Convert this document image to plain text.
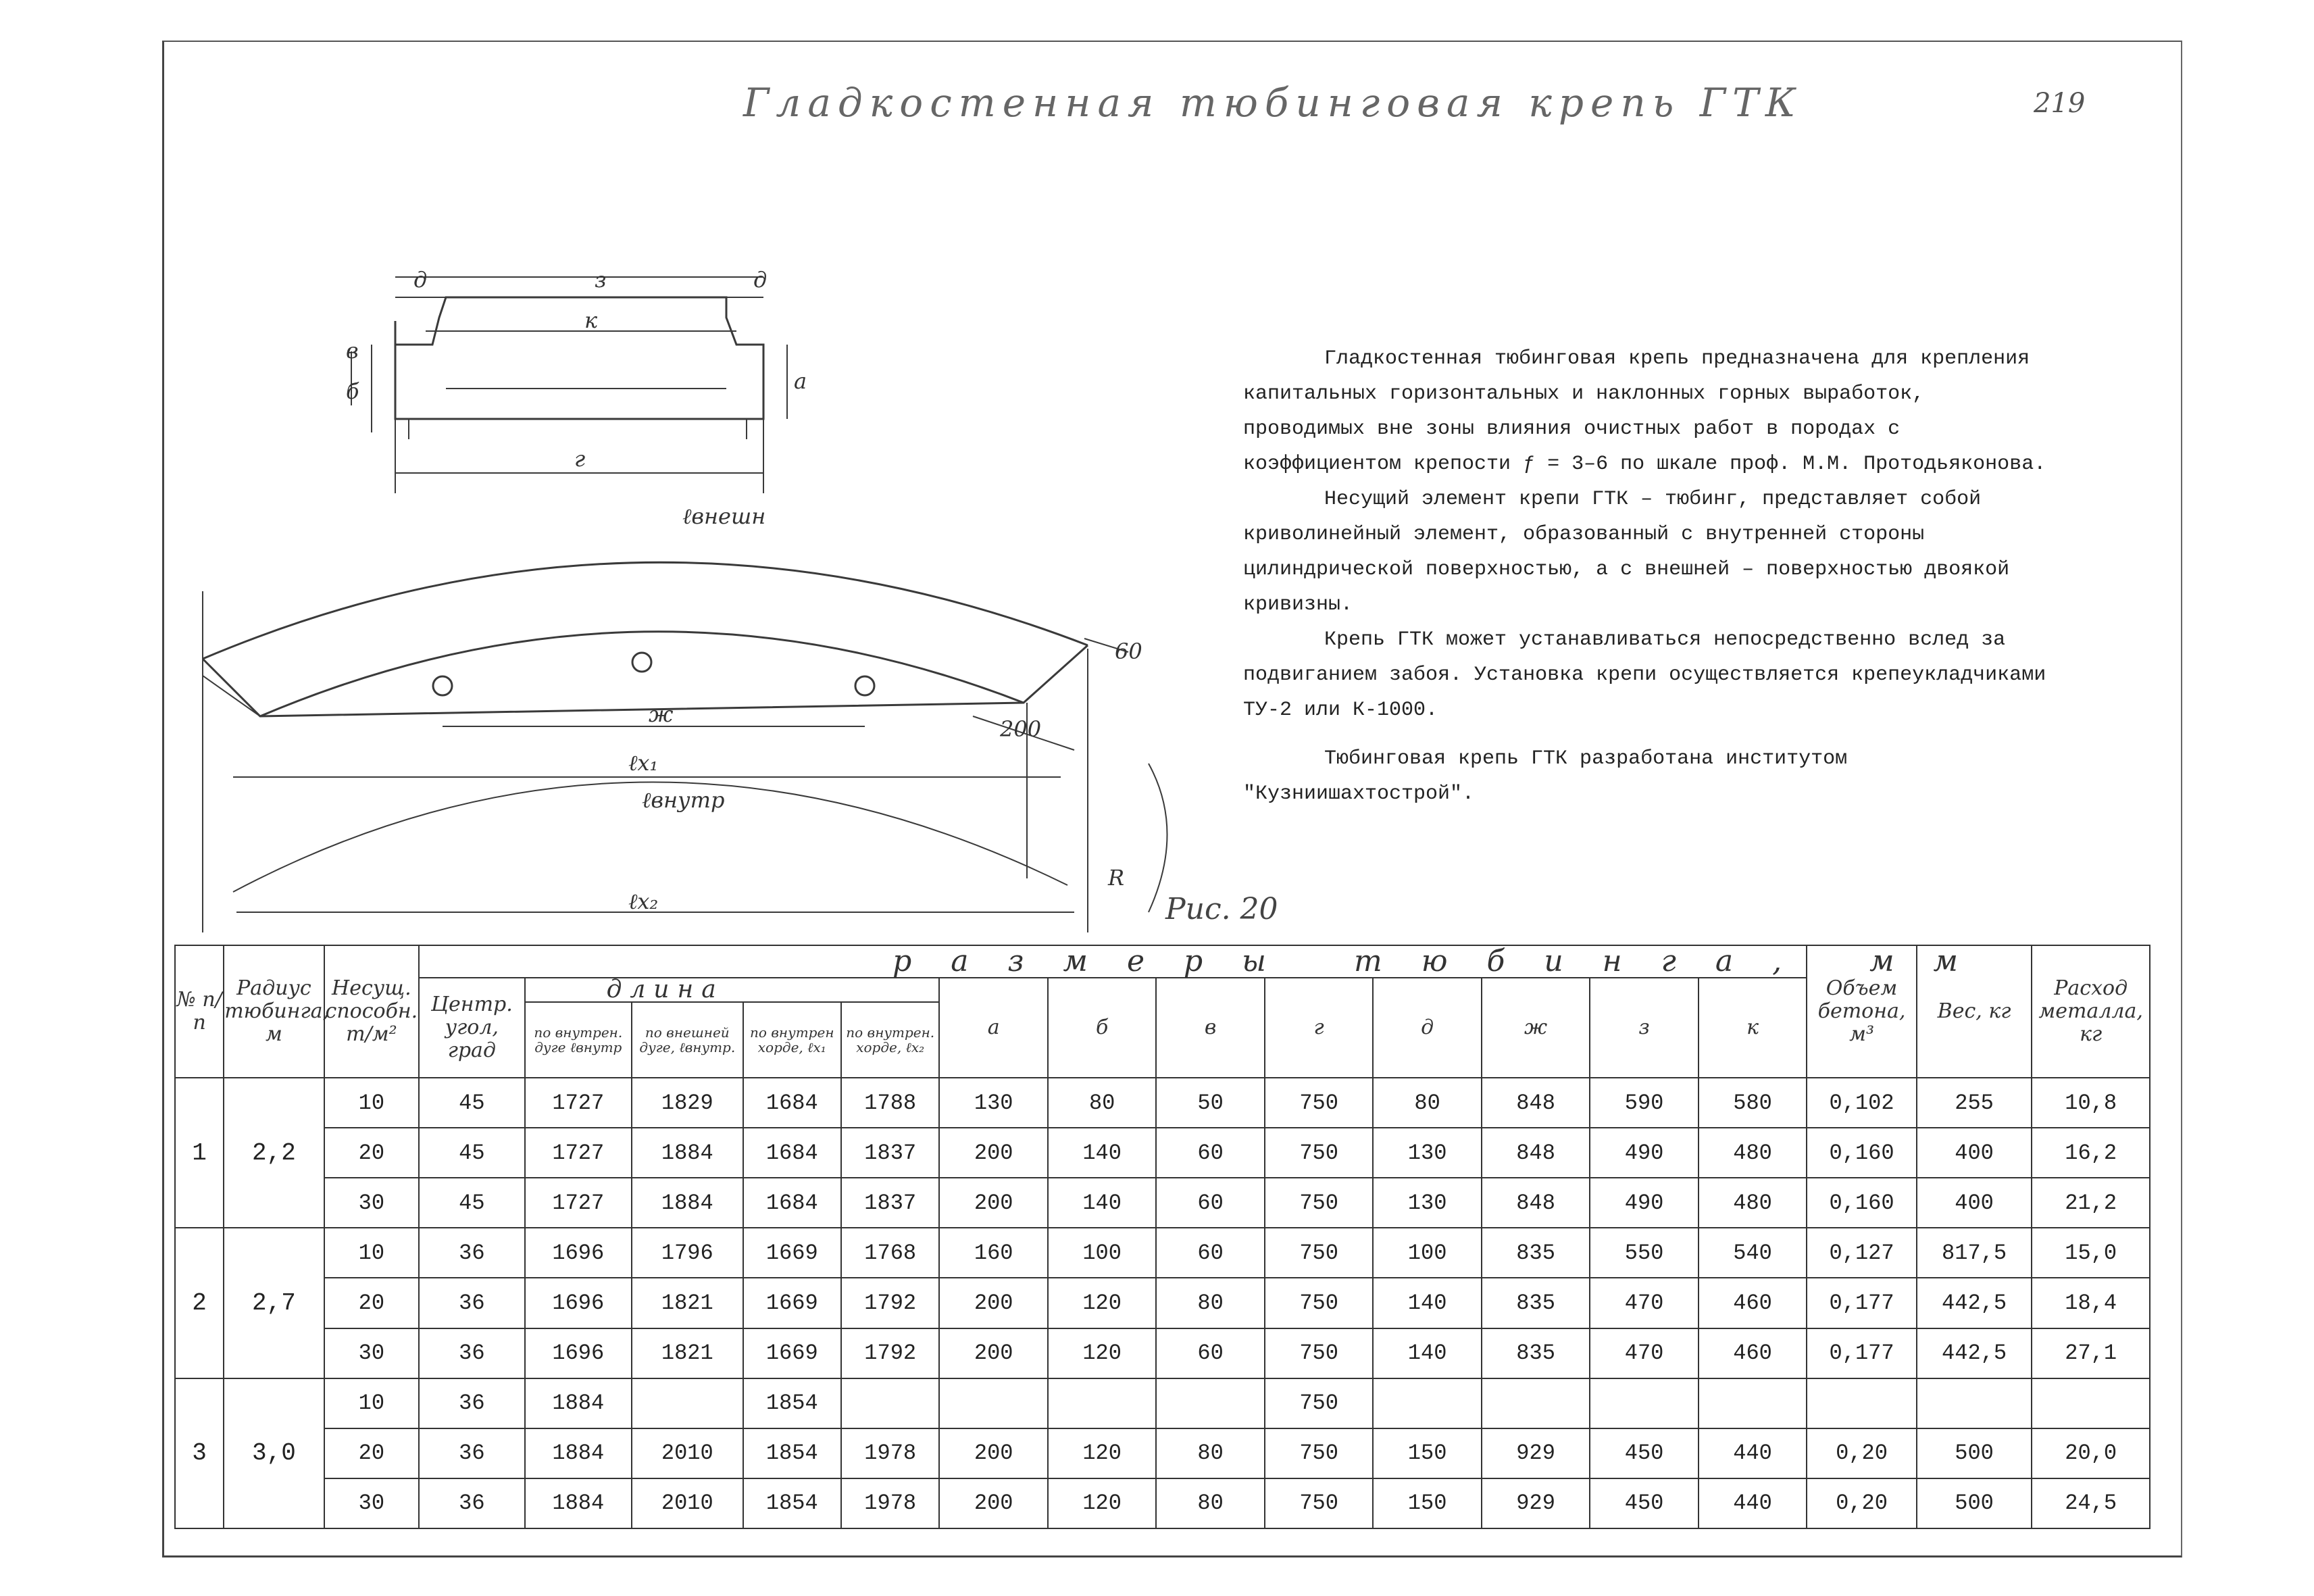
Гладкостенная тюбинговая крепь ГТК	219
д	з	д
к
в
б	а
г
ℓвнешн
ж
60
200
ℓх₁
ℓвнутр
R
ℓх₂	Рис. 20

Гладкостенная тюбинговая крепь предназначена для крепления капитальных горизонтальных и наклонных горных выработок, проводимых вне зоны влияния очистных работ в породах с коэффициентом крепости ƒ = 3–6 по шкале проф. М.М. Протодьяконова.

Несущий элемент крепи ГТК – тюбинг, представляет собой криволинейный элемент, образованный с внутренней стороны цилиндрической поверхностью, а с внешней – поверхностью двоякой кривизны.

Крепь ГТК может устанавливаться непосредственно вслед за подвиганием забоя. Установка крепи осуществляется крепеукладчиками ТУ-2 или К-1000.

Тюбинговая крепь ГТК разработана институтом "Кузниишахтострой".

№ п/п	Радиус тюбинга, м	Несущ. способн. т/м²	размеры тюбинга, мм													Объем бетона, м³	Вес, кг	Расход металла, кг
			Центр. угол, град	длина				а	б	в	г	д	ж	з	к			
				по внутрен. дуге ℓвнутр	по внешней дуге, ℓвнутр.	по внутрен хорде, ℓх₁	по внутрен. хорде, ℓх₂											
1	2,2	10	45	1727	1829	1684	1788	130	80	50	750	80	848	590	580	0,102	255	10,8
		20	45	1727	1884	1684	1837	200	140	60	750	130	848	490	480	0,160	400	16,2
		30	45	1727	1884	1684	1837	200	140	60	750	130	848	490	480	0,160	400	21,2
2	2,7	10	36	1696	1796	1669	1768	160	100	60	750	100	835	550	540	0,127	817,5	15,0
		20	36	1696	1821	1669	1792	200	120	80	750	140	835	470	460	0,177	442,5	18,4
		30	36	1696	1821	1669	1792	200	120	60	750	140	835	470	460	0,177	442,5	27,1
3	3,0	10	36	1884		1854					750							
		20	36	1884	2010	1854	1978	200	120	80	750	150	929	450	440	0,20	500	20,0
		30	36	1884	2010	1854	1978	200	120	80	750	150	929	450	440	0,20	500	24,5
